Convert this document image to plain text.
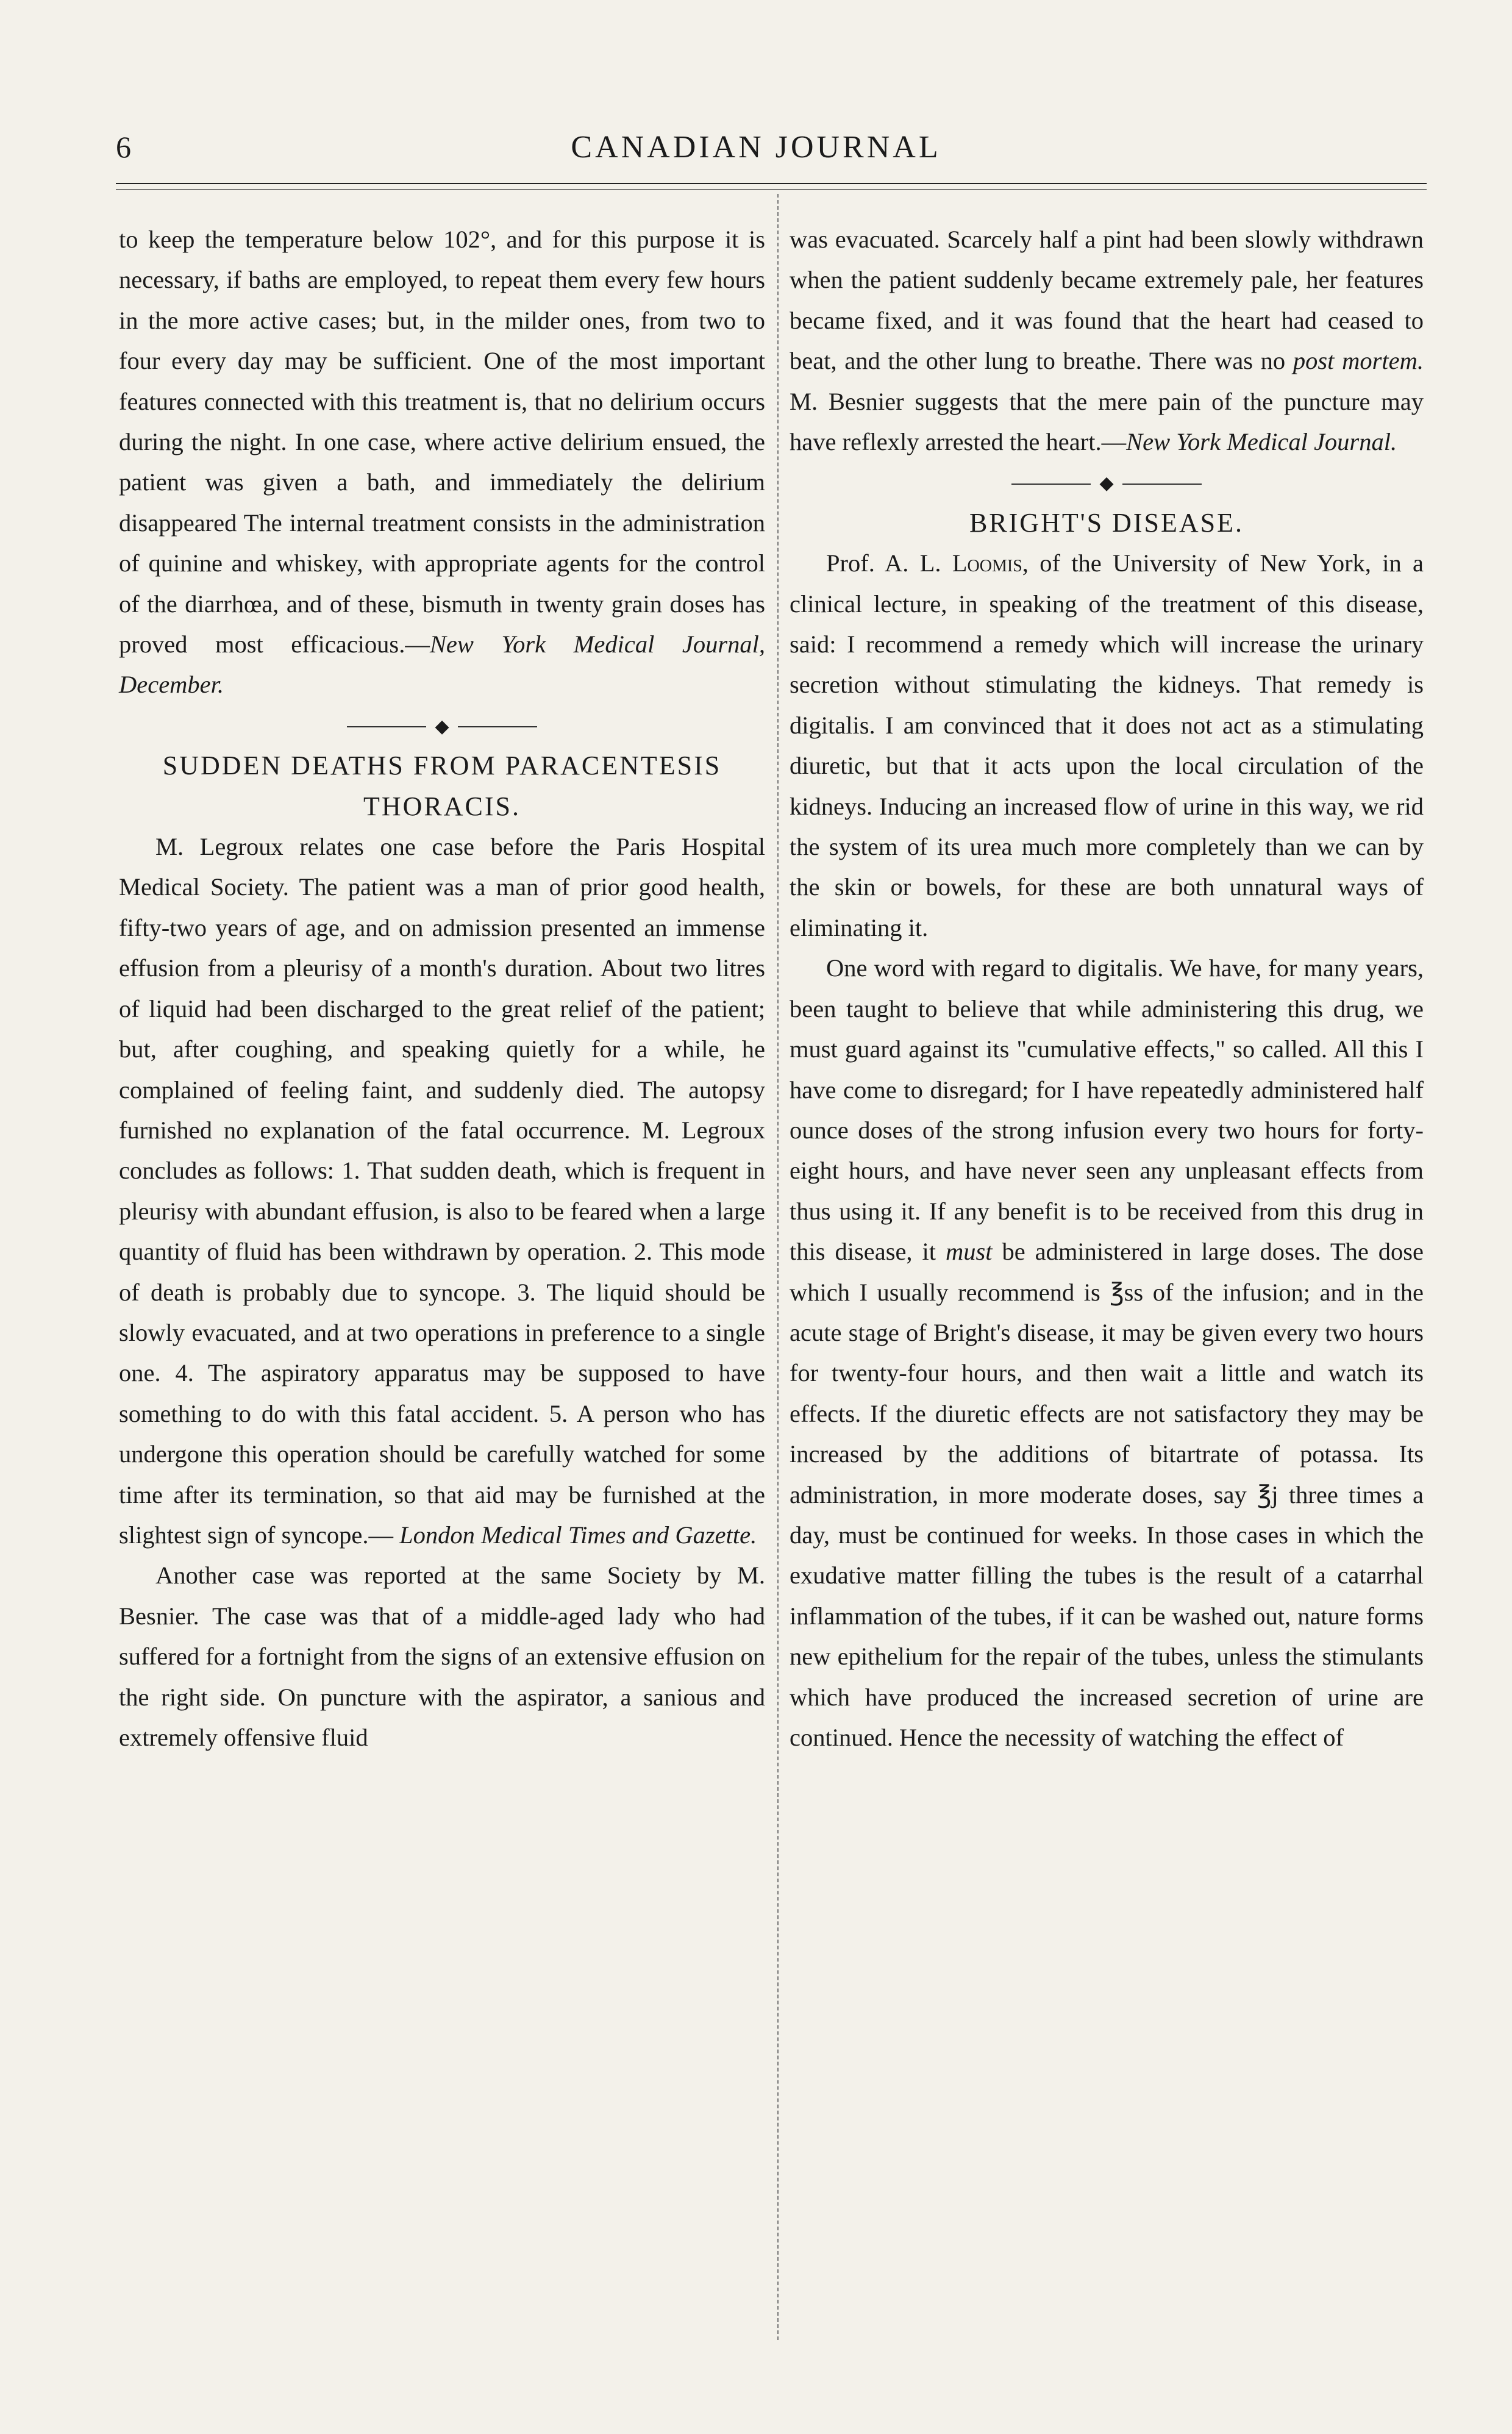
6	CANADIAN JOURNAL

to keep the temperature below 102°, and for this purpose it is necessary, if baths are employed, to repeat them every few hours in the more active cases; but, in the milder ones, from two to four every day may be sufficient. One of the most important features connected with this treatment is, that no delirium occurs during the night. In one case, where active delirium ensued, the patient was given a bath, and immediately the delirium disappeared The internal treatment consists in the administration of quinine and whiskey, with appropriate agents for the control of the diarrhœa, and of these, bismuth in twenty grain doses has proved most efficacious.—New York Medical Journal, December.

◆
SUDDEN DEATHS FROM PARACENTESIS THORACIS.

M. Legroux relates one case before the Paris Hospital Medical Society. The patient was a man of prior good health, fifty-two years of age, and on admission presented an immense effusion from a pleurisy of a month's duration. About two litres of liquid had been discharged to the great relief of the patient; but, after coughing, and speaking quietly for a while, he complained of feeling faint, and suddenly died. The autopsy furnished no explanation of the fatal occurrence. M. Legroux concludes as follows: 1. That sudden death, which is frequent in pleurisy with abundant effusion, is also to be feared when a large quantity of fluid has been withdrawn by operation. 2. This mode of death is probably due to syncope. 3. The liquid should be slowly evacuated, and at two operations in preference to a single one. 4. The aspiratory apparatus may be supposed to have something to do with this fatal accident. 5. A person who has undergone this operation should be carefully watched for some time after its termination, so that aid may be furnished at the slightest sign of syncope.— London Medical Times and Gazette.

Another case was reported at the same Society by M. Besnier. The case was that of a middle-aged lady who had suffered for a fortnight from the signs of an extensive effusion on the right side. On puncture with the aspirator, a sanious and extremely offensive fluid

was evacuated. Scarcely half a pint had been slowly withdrawn when the patient suddenly became extremely pale, her features became fixed, and it was found that the heart had ceased to beat, and the other lung to breathe. There was no post mortem. M. Besnier suggests that the mere pain of the puncture may have reflexly arrested the heart.—New York Medical Journal.

◆
BRIGHT'S DISEASE.

Prof. A. L. Loomis, of the University of New York, in a clinical lecture, in speaking of the treatment of this disease, said: I recommend a remedy which will increase the urinary secretion without stimulating the kidneys. That remedy is digitalis. I am convinced that it does not act as a stimulating diuretic, but that it acts upon the local circulation of the kidneys. Inducing an increased flow of urine in this way, we rid the system of its urea much more completely than we can by the skin or bowels, for these are both unnatural ways of eliminating it.

One word with regard to digitalis. We have, for many years, been taught to believe that while administering this drug, we must guard against its "cumulative effects," so called. All this I have come to disregard; for I have repeatedly administered half ounce doses of the strong infusion every two hours for forty-eight hours, and have never seen any unpleasant effects from thus using it. If any benefit is to be received from this drug in this disease, it must be administered in large doses. The dose which I usually recommend is ℥ss of the infusion; and in the acute stage of Bright's disease, it may be given every two hours for twenty-four hours, and then wait a little and watch its effects. If the diuretic effects are not satisfactory they may be increased by the additions of bitartrate of potassa. Its administration, in more moderate doses, say ℥j three times a day, must be continued for weeks. In those cases in which the exudative matter filling the tubes is the result of a catarrhal inflammation of the tubes, if it can be washed out, nature forms new epithelium for the repair of the tubes, unless the stimulants which have produced the increased secretion of urine are continued. Hence the necessity of watching the effect of
